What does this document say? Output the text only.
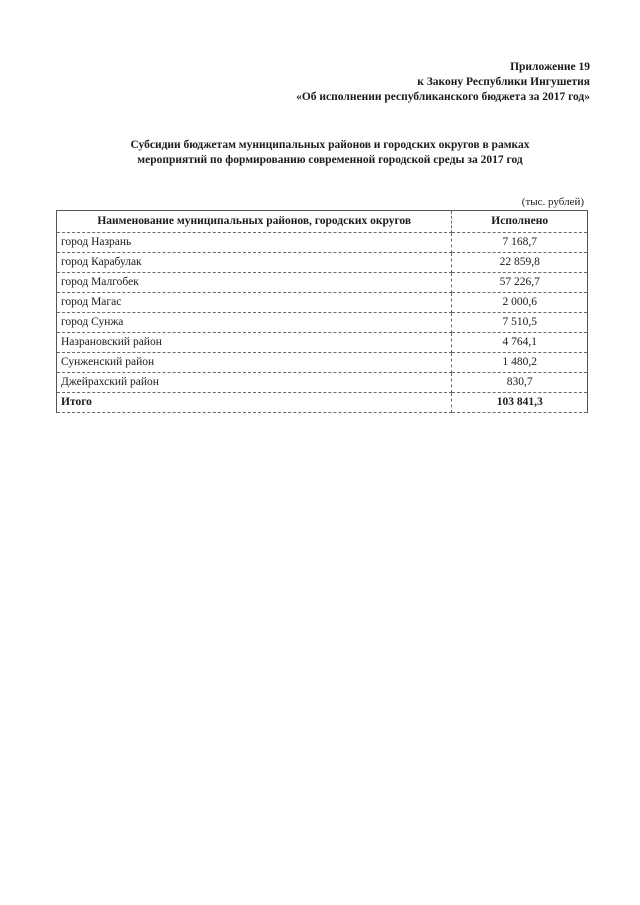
Приложение 19
к Закону Республики Ингушетия
«Об исполнении республиканского бюджета за 2017 год»
Субсидии бюджетам муниципальных районов и городских округов в рамках
мероприятий по формированию современной городской среды за 2017 год
(тыс. рублей)
Наименование муниципальных районов, городских округов	Исполнено
город Назрань	7 168,7
город Карабулак	22 859,8
город Малгобек	57 226,7
город Магас	2 000,6
город Сунжа	7 510,5
Назрановский район	4 764,1
Сунженский район	1 480,2
Джейрахский район	830,7
Итого	103 841,3
